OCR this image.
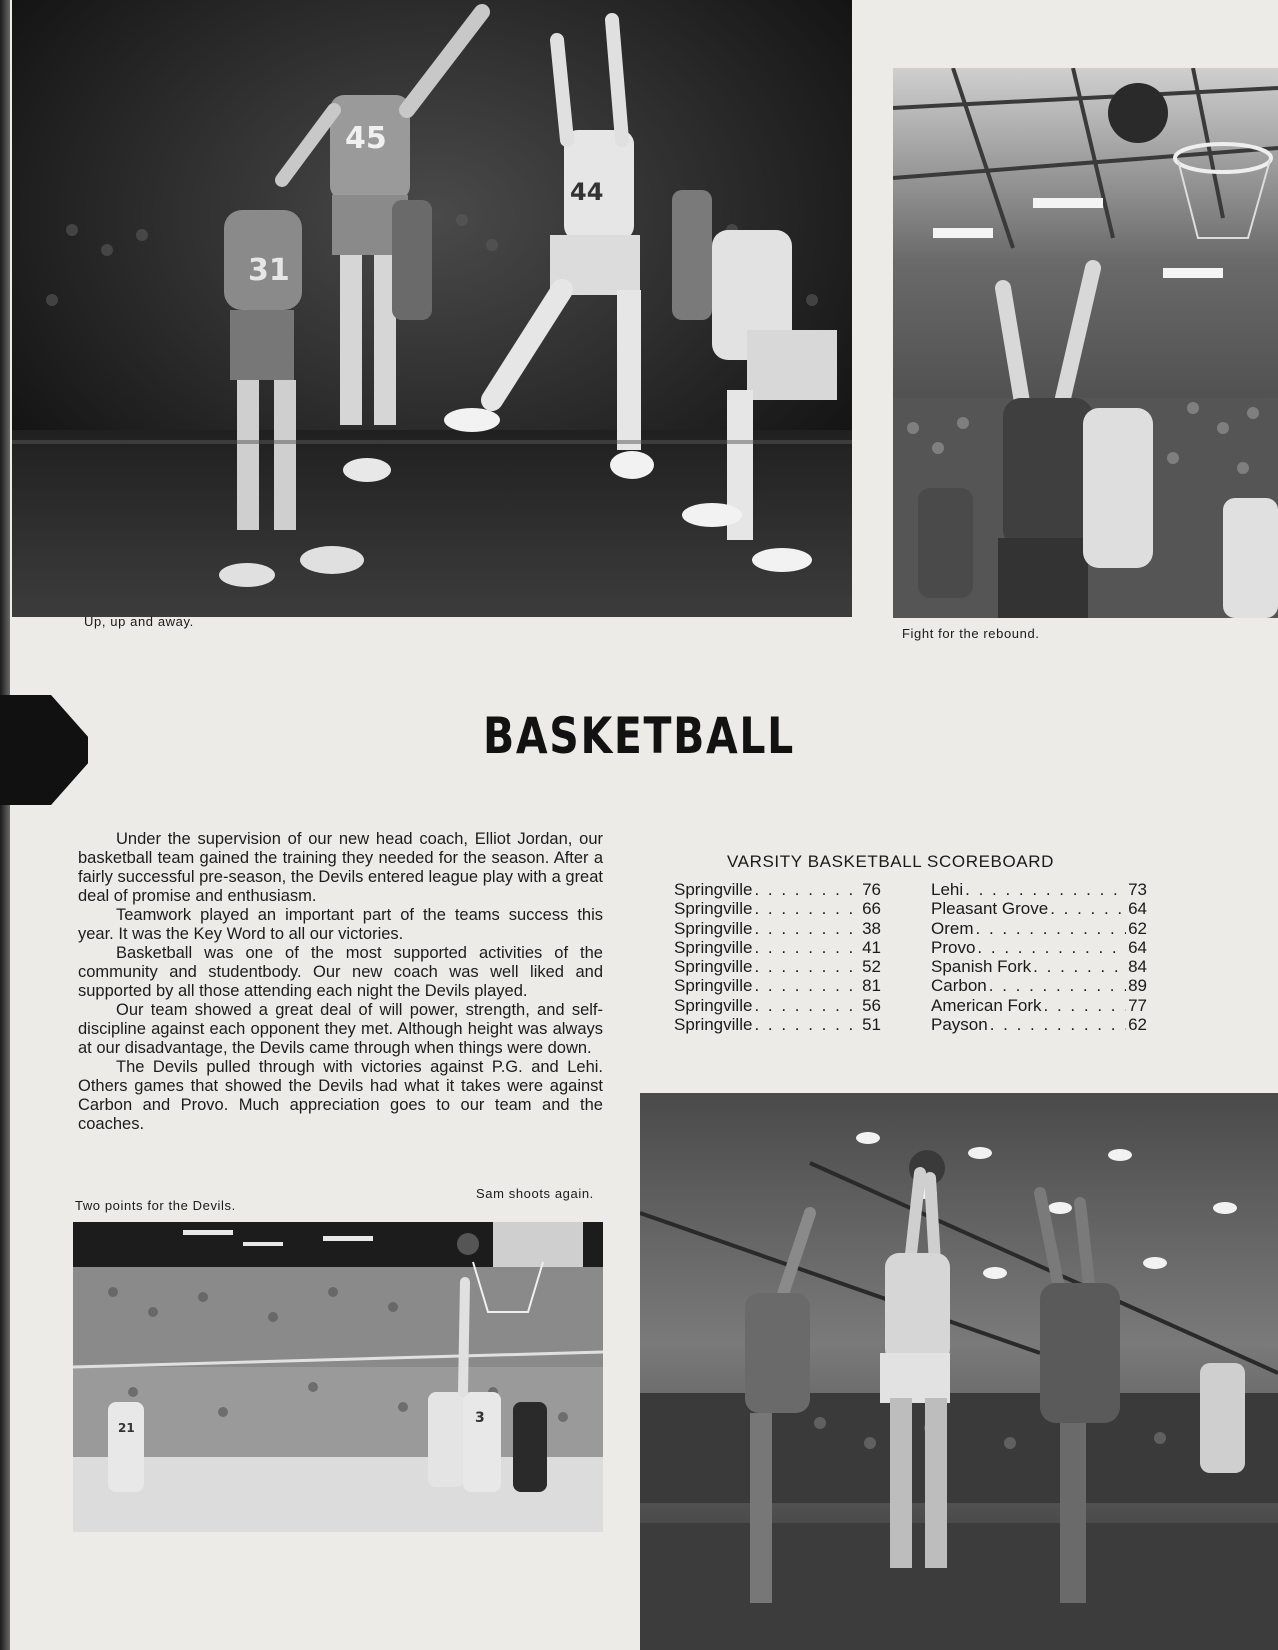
31
45
44
Up, up and away.
Fight for the rebound.
BASKETBALL

Under the supervision of our new head coach, Elliot Jordan, our basketball team gained the training they needed for the season. After a fairly successful pre-season, the Devils entered league play with a great deal of promise and enthusiasm.

Teamwork played an important part of the teams success this year. It was the Key Word to all our victories.

Basketball was one of the most supported activities of the community and studentbody. Our new coach was well liked and supported by all those attending each night the Devils played.

Our team showed a great deal of will power, strength, and self-discipline against each opponent they met. Although height was always at our disadvantage, the Devils came through when things were down.

The Devils pulled through with victories against P.G. and Lehi. Others games that showed the Devils had what it takes were against Carbon and Provo. Much appreciation goes to our team and the coaches.

VARSITY BASKETBALL SCOREBOARD
Springville . . .	76
Springville . . .	66
Springville . . .	38
Springville . . .	41
Springville . . .	52
Springville . . .	81
Springville . . .	56
Springville . . .	51
Lehi . . .	73
Pleasant Grove . . .	64
Orem . . .	62
Provo . . .	64
Spanish Fork . . .	84
Carbon . . .	89
American Fork . . .	77
Payson . . .	62
Two points for the Devils.
21
3
Sam shoots again.
